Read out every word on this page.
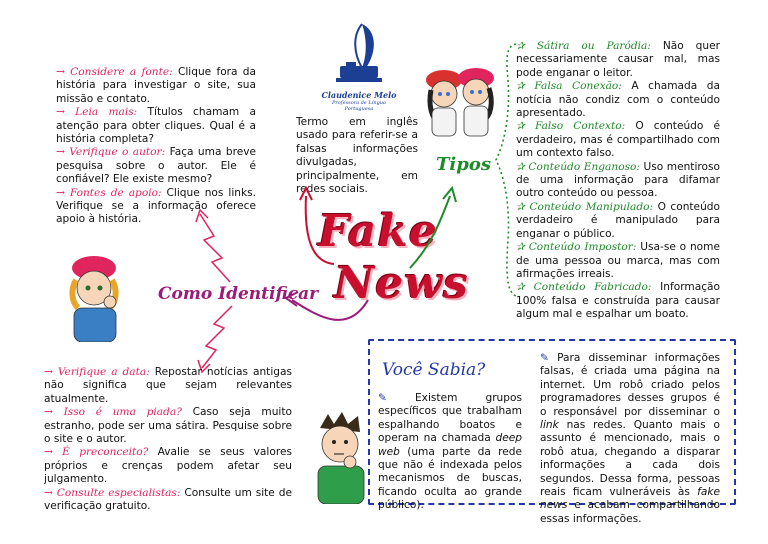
Claudenice Melo
Professora de Língua Portuguesa
Termo em inglês usado para referir-se a falsas informações divulgadas, principalmente, em redes sociais.
Fake
News
Tipos
Como Identificar

→ Considere a fonte: Clique fora da história para investigar o site, sua missão e contato.

→ Leia mais: Títulos chamam a atenção para obter cliques. Qual é a história completa?

→ Verifique o autor: Faça uma breve pesquisa sobre o autor. Ele é confiável? Ele existe mesmo?

→ Fontes de apoio: Clique nos links. Verifique se a informação oferece apoio à história.

→ Verifique a data: Repostar notícias antigas não significa que sejam relevantes atualmente.

→ Isso é uma piada? Caso seja muito estranho, pode ser uma sátira. Pesquise sobre o site e o autor.

→ É preconceito? Avalie se seus valores próprios e crenças podem afetar seu julgamento.

→ Consulte especialistas: Consulte um site de verificação gratuito.

✰ Sátira ou Paródia: Não quer necessariamente causar mal, mas pode enganar o leitor.

✰ Falsa Conexão: A chamada da notícia não condiz com o conteúdo apresentado.

✰ Falso Contexto: O conteúdo é verdadeiro, mas é compartilhado com um contexto falso.

✰ Conteúdo Enganoso: Uso mentiroso de uma informação para difamar outro conteúdo ou pessoa.

✰ Conteúdo Manipulado: O conteúdo verdadeiro é manipulado para enganar o público.

✰ Conteúdo Impostor: Usa-se o nome de uma pessoa ou marca, mas com afirmações irreais.

✰ Conteúdo Fabricado: Informação 100% falsa e construída para causar algum mal e espalhar um boato.

Você Sabia?
✎	Existem grupos específicos que trabalham espalhando boatos e operam na chamada deep web (uma parte da rede que não é indexada pelos mecanismos de buscas, ficando oculta ao grande público).
✎ Para disseminar informações falsas, é criada uma página na internet. Um robô criado pelos programadores desses grupos é o responsável por disseminar o link nas redes. Quanto mais o assunto é mencionado, mais o robô atua, chegando a disparar informações a cada dois segundos. Dessa forma, pessoas reais ficam vulneráveis às fake news e acabam compartilhando essas informações.
